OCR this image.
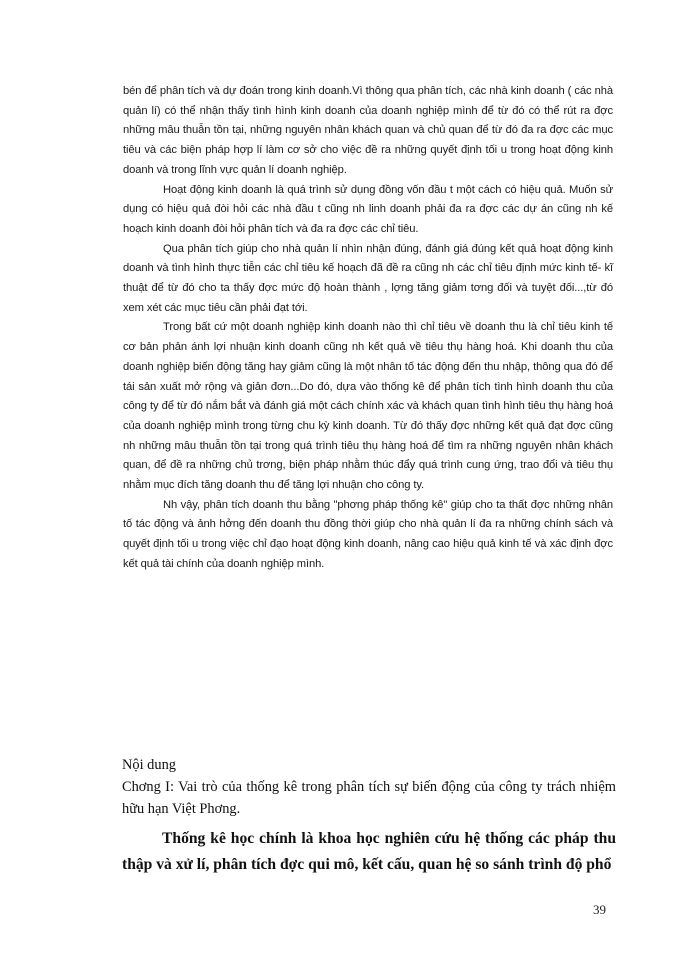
bén để phân tích và dự đoán trong kinh doanh.Vì thông qua phân tích, các nhà kinh doanh ( các nhà quản lí) có thể nhận thấy tình hình kinh doanh của doanh nghiệp mình để từ đó có thể rút ra đợc những mâu thuẫn tồn tại, những nguyên nhân khách quan và chủ quan để từ đó đa ra đợc các mục tiêu và các biện pháp hợp lí làm cơ sở cho việc đề ra những quyết định tối u trong hoạt động kinh doanh và trong lĩnh vực quản lí doanh nghiệp.

Hoạt động kinh doanh là quá trình sử dụng đồng vốn đầu t một cách có hiệu quả. Muốn sử dụng có hiệu quả đòi hỏi các nhà đầu t cũng nh linh doanh phải đa ra đợc các dự án cũng nh kế hoạch kinh doanh đòi hỏi phân tích và đa ra đợc các chỉ tiêu.

Qua phân tích giúp cho nhà quản lí nhìn nhận đúng, đánh giá đúng kết quả hoạt động kinh doanh và tình hình thực tiễn các chỉ tiêu kế hoạch đã đề ra cũng nh các chỉ tiêu định mức kinh tế- kĩ thuật để từ đó cho ta thấy đợc mức độ hoàn thành , lợng tăng giảm tơng đối và tuyệt đối...,từ đó xem xét các mục tiêu cần phải đạt tới.

Trong bất cứ một doanh nghiệp kinh doanh nào thì chỉ tiêu về doanh thu là chỉ tiêu kinh tế cơ bản phản ánh lợi nhuận kinh doanh cũng nh kết quả về tiêu thụ hàng hoá. Khi doanh thu của doanh nghiệp biến động tăng hay giảm cũng là một nhân tố tác động đến thu nhập, thông qua đó để tái sản xuất mở rộng và giản đơn...Do đó, dựa vào thống kê để phân tích tình hình doanh thu của công ty để từ đó nắm bắt và đánh giá một cách chính xác và khách quan tình hình tiêu thụ hàng hoá của doanh nghiệp mình trong từng chu kỳ kinh doanh. Từ đó thấy đợc những kết quả đạt đợc cũng nh những mâu thuẫn tồn tại trong quá trình tiêu thụ hàng hoá để tìm ra những nguyên nhân khách quan, để đề ra những chủ trơng, biện pháp nhằm thúc đẩy quá trình cung ứng, trao đổi và tiêu thụ nhằm mục đích tăng doanh thu để tăng lợi nhuận cho công ty.

Nh vậy, phân tích doanh thu bằng "phơng pháp thống kê" giúp cho ta thất đợc những nhân tố tác động và ảnh hởng đến doanh thu đồng thời giúp cho nhà quản lí đa ra những chính sách và quyết định tối u trong việc chỉ đạo hoạt động kinh doanh, nâng cao hiệu quả kinh tế và xác định đợc kết quả tài chính của doanh nghiệp mình.

Nội dung

Chơng I: Vai trò của thống kê trong phân tích sự biến động của công ty trách nhiệm hữu hạn Việt Phơng.

Thống kê học chính là khoa học nghiên cứu hệ thống các pháp thu thập và xử lí, phân tích đợc qui mô, kết cấu, quan hệ so sánh trình độ phổ

39
